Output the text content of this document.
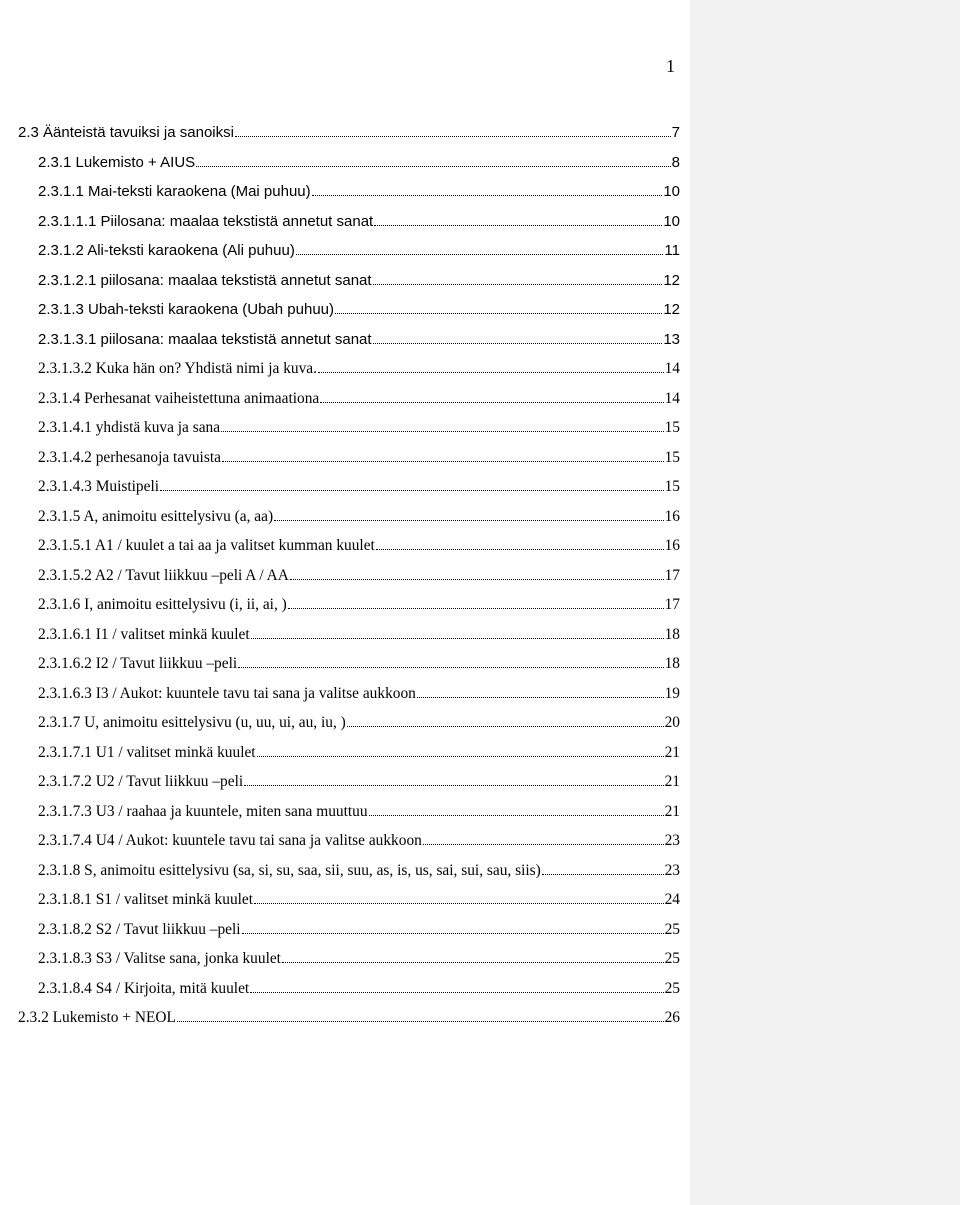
1
2.3 Äänteistä tavuiksi ja sanoiksi	7
2.3.1 Lukemisto + AIUS	8
2.3.1.1 Mai-teksti karaokena (Mai puhuu)	10
2.3.1.1.1 Piilosana: maalaa tekstistä annetut sanat	10
2.3.1.2 Ali-teksti karaokena (Ali puhuu)	11
2.3.1.2.1 piilosana: maalaa tekstistä annetut sanat	12
2.3.1.3 Ubah-teksti karaokena (Ubah puhuu)	12
2.3.1.3.1 piilosana: maalaa tekstistä annetut sanat	13
2.3.1.3.2 Kuka hän on? Yhdistä nimi ja kuva.	14
2.3.1.4 Perhesanat vaiheistettuna animaationa	14
2.3.1.4.1 yhdistä kuva ja sana	15
2.3.1.4.2 perhesanoja tavuista	15
2.3.1.4.3 Muistipeli	15
2.3.1.5 A, animoitu esittelysivu (a, aa)	16
2.3.1.5.1 A1 / kuulet a tai aa ja valitset kumman kuulet	16
2.3.1.5.2 A2 / Tavut liikkuu –peli A / AA	17
2.3.1.6 I, animoitu esittelysivu (i, ii, ai, )	17
2.3.1.6.1 I1 / valitset minkä kuulet	18
2.3.1.6.2 I2 / Tavut liikkuu –peli	18
2.3.1.6.3 I3 / Aukot: kuuntele tavu tai sana ja valitse aukkoon	19
2.3.1.7 U, animoitu esittelysivu (u, uu, ui, au, iu, )	20
2.3.1.7.1 U1 / valitset minkä kuulet	21
2.3.1.7.2 U2 / Tavut liikkuu –peli	21
2.3.1.7.3 U3 / raahaa ja kuuntele, miten sana muuttuu	21
2.3.1.7.4 U4 / Aukot: kuuntele tavu tai sana ja valitse aukkoon	23
2.3.1.8 S, animoitu esittelysivu (sa, si, su, saa, sii, suu, as, is, us, sai, sui, sau, siis)	23
2.3.1.8.1 S1 / valitset minkä kuulet	24
2.3.1.8.2 S2 / Tavut liikkuu –peli	25
2.3.1.8.3 S3 / Valitse sana, jonka kuulet	25
2.3.1.8.4 S4 / Kirjoita, mitä kuulet	25
2.3.2 Lukemisto + NEOL	26
